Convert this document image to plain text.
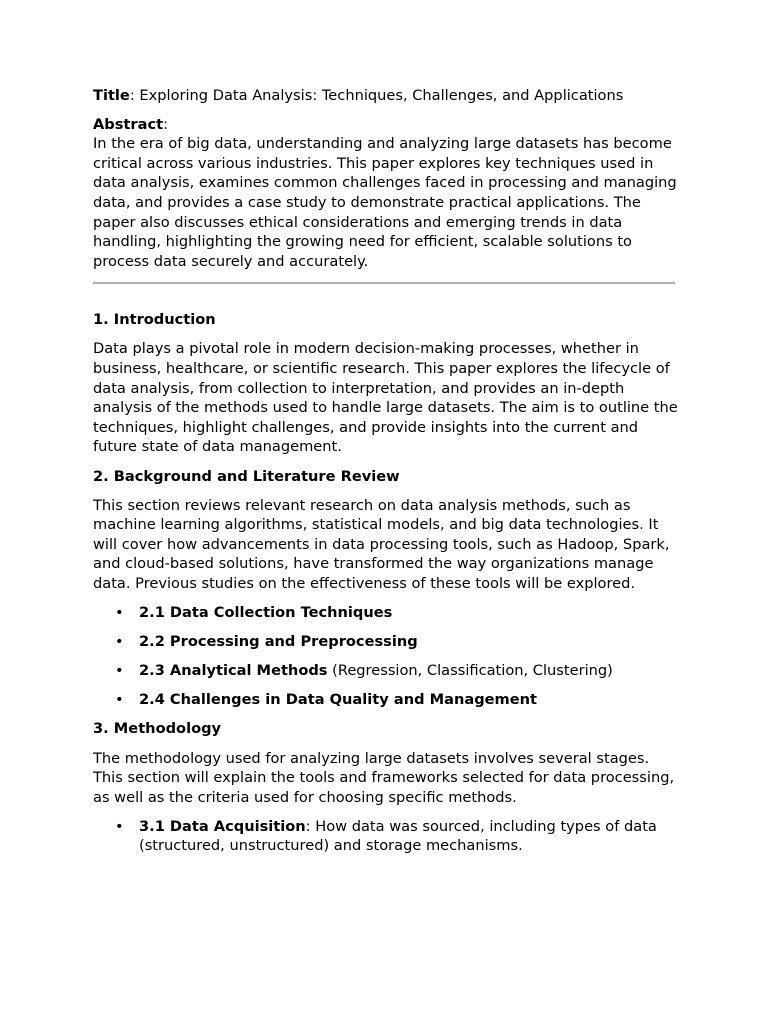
Title: Exploring Data Analysis: Techniques, Challenges, and Applications

Abstract:

In the era of big data, understanding and analyzing large datasets has become critical across various industries. This paper explores key techniques used in data analysis, examines common challenges faced in processing and managing data, and provides a case study to demonstrate practical applications. The paper also discusses ethical considerations and emerging trends in data handling, highlighting the growing need for efficient, scalable solutions to process data securely and accurately.

1. Introduction

Data plays a pivotal role in modern decision-making processes, whether in business, healthcare, or scientific research. This paper explores the lifecycle of data analysis, from collection to interpretation, and provides an in-depth analysis of the methods used to handle large datasets. The aim is to outline the techniques, highlight challenges, and provide insights into the current and future state of data management.

2. Background and Literature Review

This section reviews relevant research on data analysis methods, such as machine learning algorithms, statistical models, and big data technologies. It will cover how advancements in data processing tools, such as Hadoop, Spark, and cloud-based solutions, have transformed the way organizations manage data. Previous studies on the effectiveness of these tools will be explored.

• 2.1 Data Collection Techniques
• 2.2 Processing and Preprocessing
• 2.3 Analytical Methods (Regression, Classification, Clustering)
• 2.4 Challenges in Data Quality and Management
3. Methodology

The methodology used for analyzing large datasets involves several stages. This section will explain the tools and frameworks selected for data processing, as well as the criteria used for choosing specific methods.

• 3.1 Data Acquisition: How data was sourced, including types of data (structured, unstructured) and storage mechanisms.
